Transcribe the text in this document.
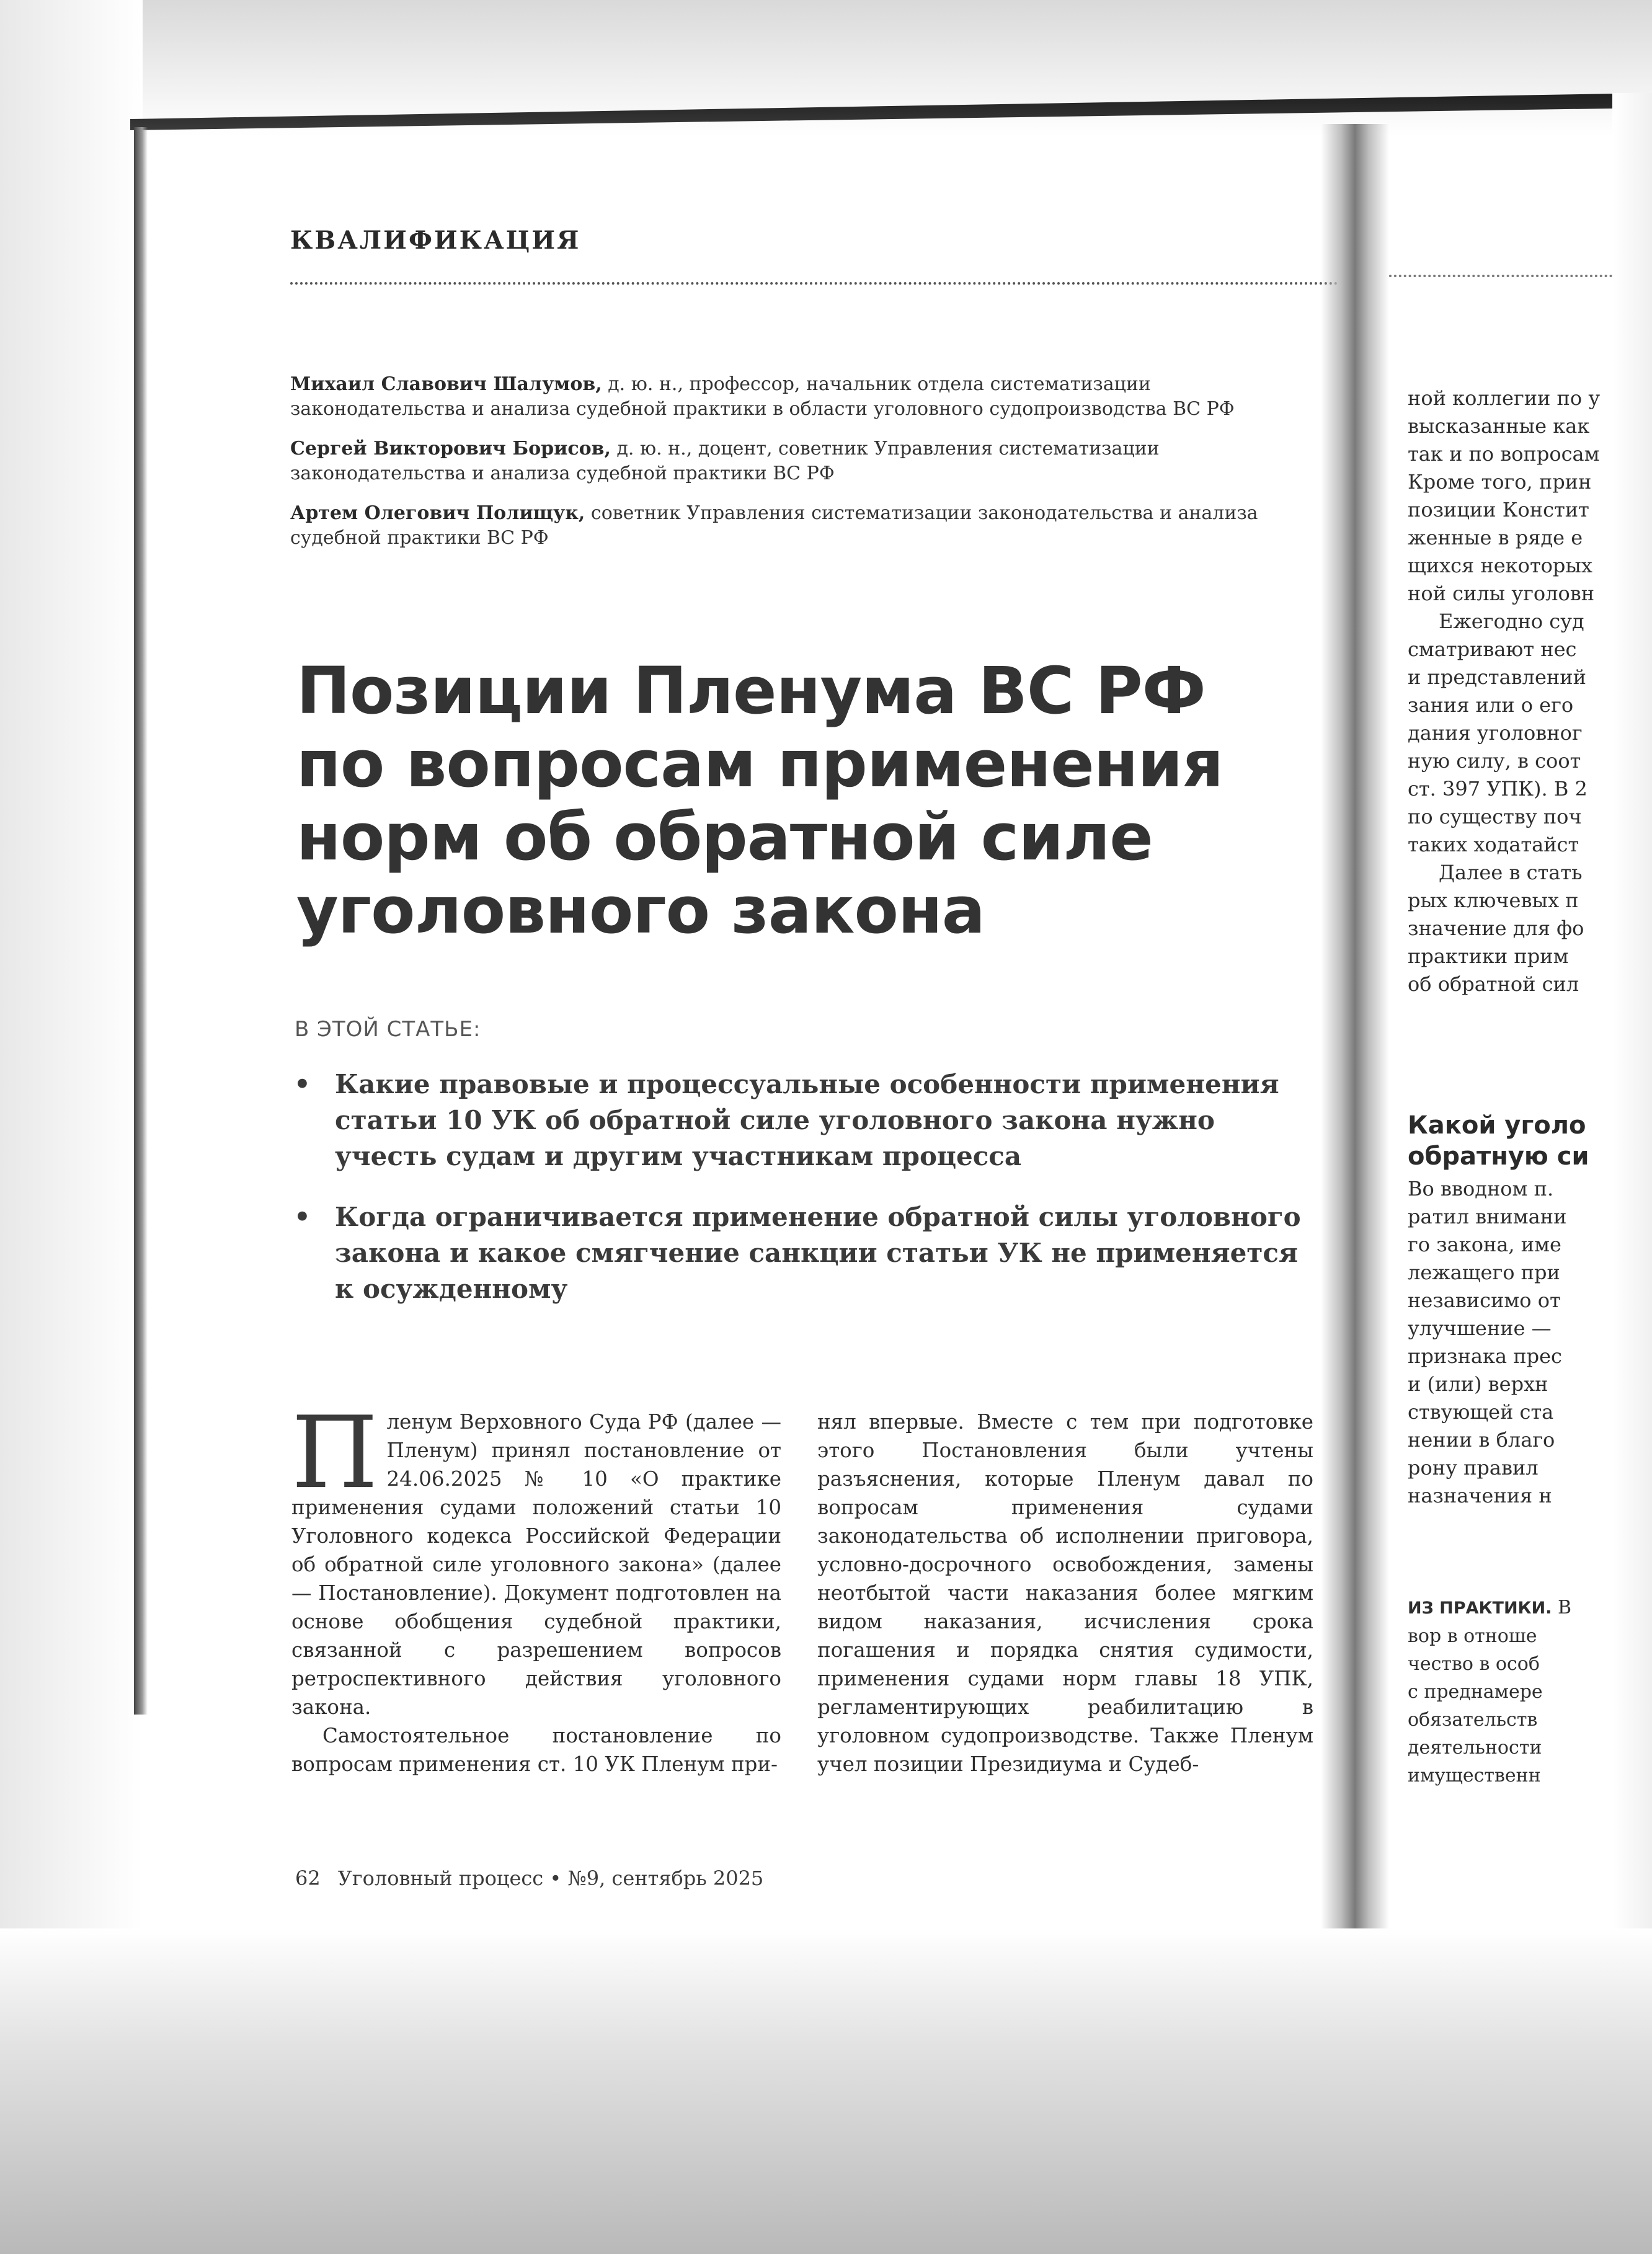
КВАЛИФИКАЦИЯ
Михаил Славович Шалумов, д. ю. н., профессор, начальник отдела систематизации законодательства и анализа судебной практики в области уголовного судопроизводства ВС РФ
Сергей Викторович Борисов, д. ю. н., доцент, советник Управления систематизации законодательства и анализа судебной практики ВС РФ
Артем Олегович Полищук, советник Управления систематизации законодательства и анализа судебной практики ВС РФ
Позиции Пленума ВС РФ
по вопросам применения
норм об обратной силе
уголовного закона
В ЭТОЙ СТАТЬЕ:
• Какие правовые и процессуальные особенности применения статьи 10 УК об обратной силе уголовного закона нужно учесть судам и другим участникам процесса
• Когда ограничивается применение обратной силы уголовного закона и какое смягчение санкции статьи УК не применяется к осужденному

Пленум Верховного Суда РФ (далее — Пленум) принял постановление от 24.06.2025 № 10 «О практике применения судами положений статьи 10 Уголовного кодекса Российской Федерации об обратной силе уголовного закона» (далее — Постановление). Документ подготовлен на основе обобщения судебной практики, связанной с разрешением вопросов ретроспективного действия уголовного закона.

Самостоятельное постановление по вопросам применения ст. 10 УК Пленум при-

нял впервые. Вместе с тем при подготовке этого Постановления были учтены разъяснения, которые Пленум давал по вопросам применения судами законодательства об исполнении приговора, условно-досрочного освобождения, замены неотбытой части наказания более мягким видом наказания, исчисления срока погашения и порядка снятия судимости, применения судами норм главы 18 УПК, регламентирующих реабилитацию в уголовном судопроизводстве. Также Пленум учел позиции Президиума и Судеб-

62 Уголовный процесс • №9, сентябрь 2025
ной коллегии по у
высказанные как
так и по вопросам
Кроме того, прин
позиции Констит
женные в ряде е
щихся некоторых
ной силы уголовн
Ежегодно суд
сматривают нес
и представлений
зания или о его
дания уголовног
ную силу, в соот
ст. 397 УПК). В 2
по существу поч
таких ходатайст
Далее в стать
рых ключевых п
значение для фо
практики прим
об обратной сил
Какой уголо
обратную си
Во вводном п.
ратил внимани
го закона, име
лежащего при
независимо от
улучшение —
признака прес
и (или) верхн
ствующей ста
нении в благо
рону правил
назначения н
ИЗ ПРАКТИКИ. В
вор в отноше
чество в особ
с преднамере
обязательств
деятельности
имущественн
